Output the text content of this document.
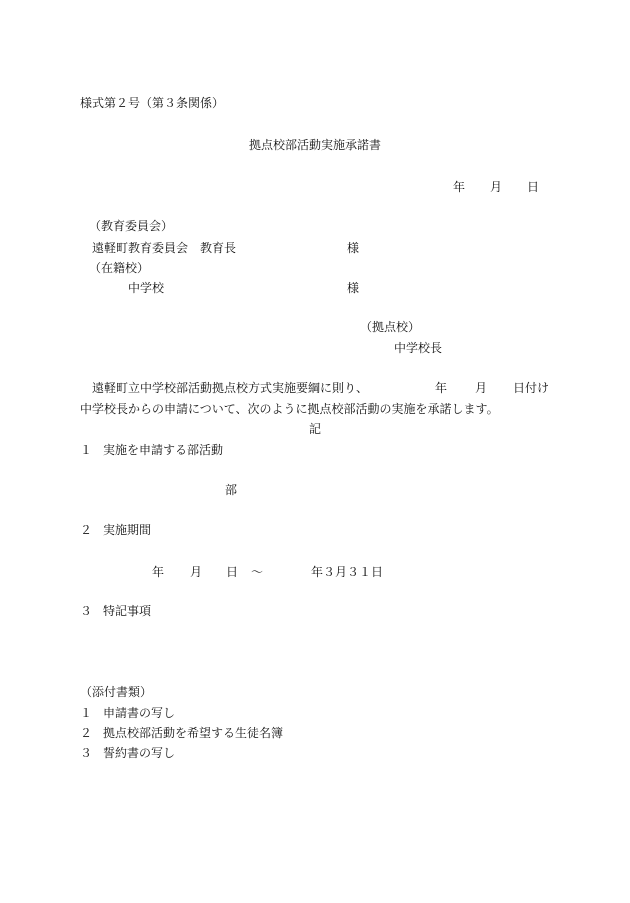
様式第２号（第３条関係）

拠点校部活動実施承諾書

年 月 日

（教育委員会）

遠軽町教育委員会　教育長	様

（在籍校）

中学校	様

（拠点校）

中学校長

遠軽町立中学校部活動拠点校方式実施要綱に則り、	年 月 日付け

中学校長からの申請について、次のように拠点校部活動の実施を承諾します。

記

１ 実施を申請する部活動
部
２ 実施期間
年 月 日 ～	年３月３１日
３ 特記事項

（添付書類）

１ 申請書の写し
２ 拠点校部活動を希望する生徒名簿
３ 誓約書の写し
